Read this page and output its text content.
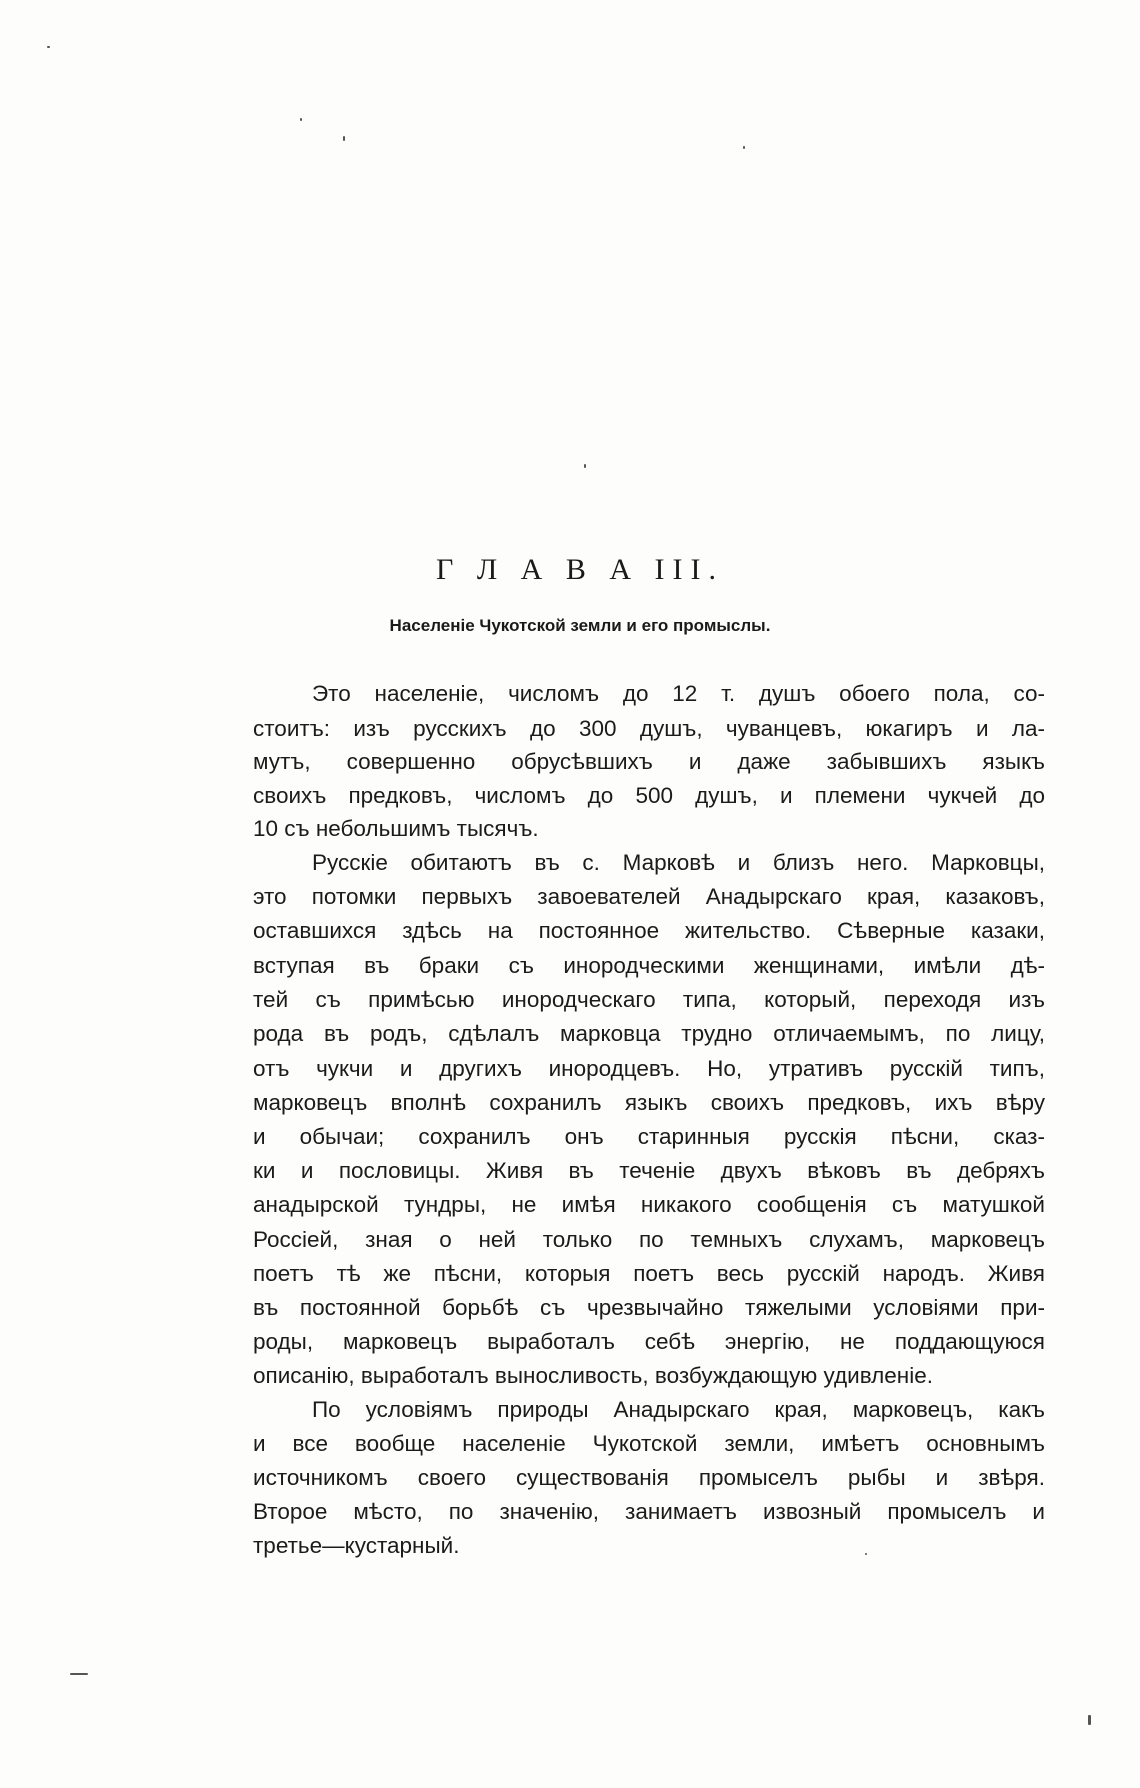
Г Л А В А III.
Населеніе Чукотской земли и его промыслы.
Это населеніе, числомъ до 12 т. душъ обоего пола, со-
стоитъ: изъ русскихъ до 300 душъ, чуванцевъ, юкагиръ и ла-
мутъ, совершенно обрусѣвшихъ и даже забывшихъ языкъ
своихъ предковъ, числомъ до 500 душъ, и племени чукчей до
10 съ небольшимъ тысячъ.
Русскіе обитаютъ въ с. Марковѣ и близъ него. Марковцы,
это потомки первыхъ завоевателей Анадырскаго края, казаковъ,
оставшихся здѣсь на постоянное жительство. Сѣверные казаки,
вступая въ браки съ инородческими женщинами, имѣли дѣ-
тей съ примѣсью инородческаго типа, который, переходя изъ
рода въ родъ, сдѣлалъ марковца трудно отличаемымъ, по лицу,
отъ чукчи и другихъ инородцевъ. Но, утративъ русскій типъ,
марковецъ вполнѣ сохранилъ языкъ своихъ предковъ, ихъ вѣру
и обычаи; сохранилъ онъ старинныя русскія пѣсни, сказ-
ки и пословицы. Живя въ теченіе двухъ вѣковъ въ дебряхъ
анадырской тундры, не имѣя никакого сообщенія съ матушкой
Россіей, зная о ней только по темныхъ слухамъ, марковецъ
поетъ тѣ же пѣсни, которыя поетъ весь русскій народъ. Живя
въ постоянной борьбѣ съ чрезвычайно тяжелыми условіями при-
роды, марковецъ выработалъ себѣ энергію, не поддающуюся
описанію, выработалъ выносливость, возбуждающую удивленіе.
По условіямъ природы Анадырскаго края, марковецъ, какъ
и все вообще населеніе Чукотской земли, имѣетъ основнымъ
источникомъ своего существованія промыселъ рыбы и звѣря.
Второе мѣсто, по значенію, занимаетъ извозный промыселъ и
третье—кустарный.
